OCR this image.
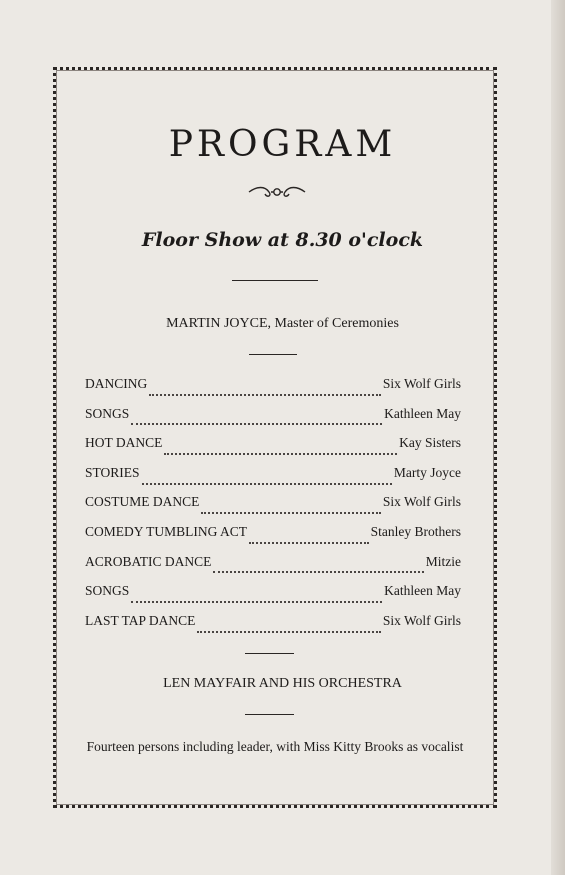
PROGRAM
Floor Show at 8.30 o'clock
MARTIN JOYCE, Master of Ceremonies
DANCING	Six Wolf Girls
SONGS	Kathleen May
HOT DANCE	Kay Sisters
STORIES	Marty Joyce
COSTUME DANCE	Six Wolf Girls
COMEDY TUMBLING ACT	Stanley Brothers
ACROBATIC DANCE	Mitzie
SONGS	Kathleen May
LAST TAP DANCE	Six Wolf Girls
LEN MAYFAIR AND HIS ORCHESTRA
Fourteen persons including leader, with Miss Kitty Brooks as vocalist
